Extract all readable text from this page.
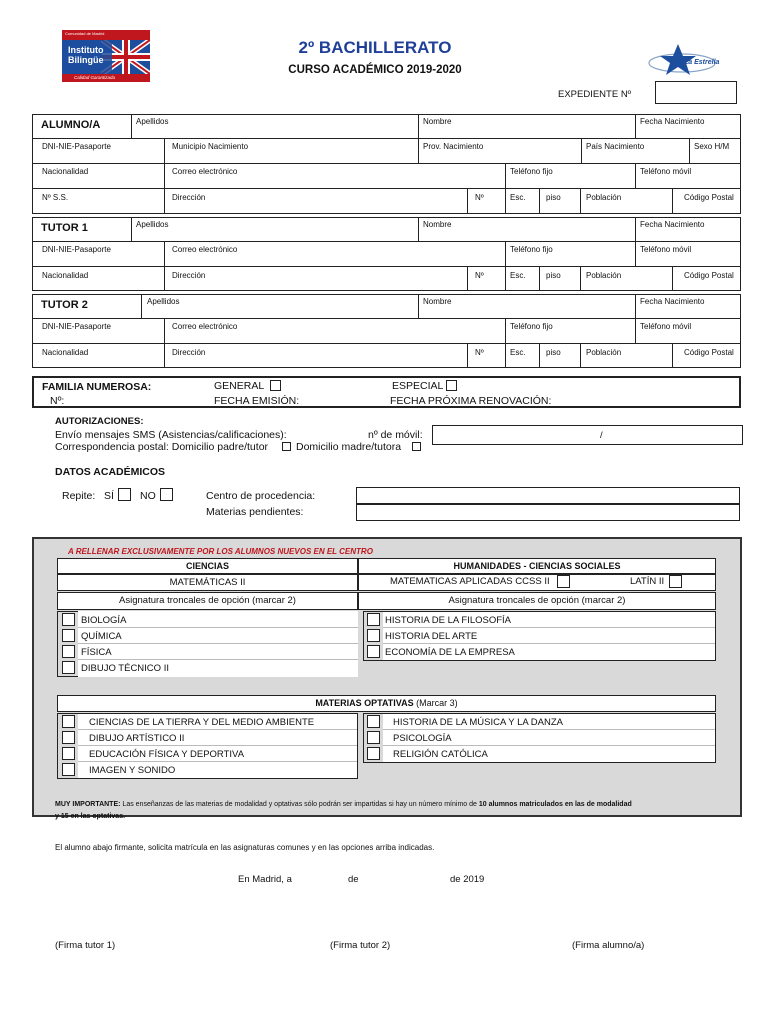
Comunidad de Madrid
Instituto
Bilingüe
Calidad Garantizada
2º BACHILLERATO
CURSO ACADÉMICO 2019-2020
La Estrella
EXPEDIENTE Nº
ALUMNO/A	Apellidos	Nombre	Fecha Nacimiento
DNI-NIE-Pasaporte	Municipio Nacimiento	Prov. Nacimiento	País Nacimiento	Sexo H/M
Nacionalidad	Correo electrónico	Teléfono fijo	Teléfono móvil
Nº S.S.	Dirección	Nº	Esc.	piso	Población	Código Postal
TUTOR 1	Apellidos	Nombre	Fecha Nacimiento
DNI-NIE-Pasaporte	Correo electrónico	Teléfono fijo	Teléfono móvil
Nacionalidad	Dirección	Nº	Esc.	piso	Población	Código Postal
TUTOR 2	Apellidos	Nombre	Fecha Nacimiento
DNI-NIE-Pasaporte	Correo electrónico	Teléfono fijo	Teléfono móvil
Nacionalidad	Dirección	Nº	Esc.	piso	Población	Código Postal
FAMILIA NUMEROSA:
Nº:
GENERAL	ESPECIAL
FECHA EMISIÓN:	FECHA PRÓXIMA RENOVACIÓN:
AUTORIZACIONES:
Envío mensajes SMS (Asistencias/calificaciones):	nº de móvil:	/
Correspondencia postal: Domicilio padre/tutor	Domicilio madre/tutora
DATOS ACADÉMICOS
Repite: SÍ NO	Centro de procedencia:
Materias pendientes:
A RELLENAR EXCLUSIVAMENTE POR LOS ALUMNOS NUEVOS EN EL CENTRO
CIENCIAS	HUMANIDADES - CIENCIAS SOCIALES
MATEMÁTICAS II	MATEMATICAS APLICADAS CCSS II	LATÍN II
Asignatura troncales de opción (marcar 2)	Asignatura troncales de opción (marcar 2)
BIOLOGÍA
QUÍMICA
FÍSICA
DIBUJO TÉCNICO II
HISTORIA DE LA FILOSOFÍA
HISTORIA DEL ARTE
ECONOMÍA DE LA EMPRESA
MATERIAS OPTATIVAS (Marcar 3)
CIENCIAS DE LA TIERRA Y DEL MEDIO AMBIENTE
DIBUJO ARTÍSTICO II
EDUCACIÓN FÍSICA Y DEPORTIVA
IMAGEN Y SONIDO
HISTORIA DE LA MÚSICA Y LA DANZA
PSICOLOGÍA
RELIGIÓN CATÓLICA
MUY IMPORTANTE: Las enseñanzas de las materias de modalidad y optativas sólo podrán ser impartidas si hay un número mínimo de 10 alumnos matriculados en las de modalidad
y 15 en las optativas.
El alumno abajo firmante, solicita matrícula en las asignaturas comunes y en las opciones arriba indicadas.
En Madrid, a	de	de 2019
(Firma tutor 1)	(Firma tutor 2)	(Firma alumno/a)
